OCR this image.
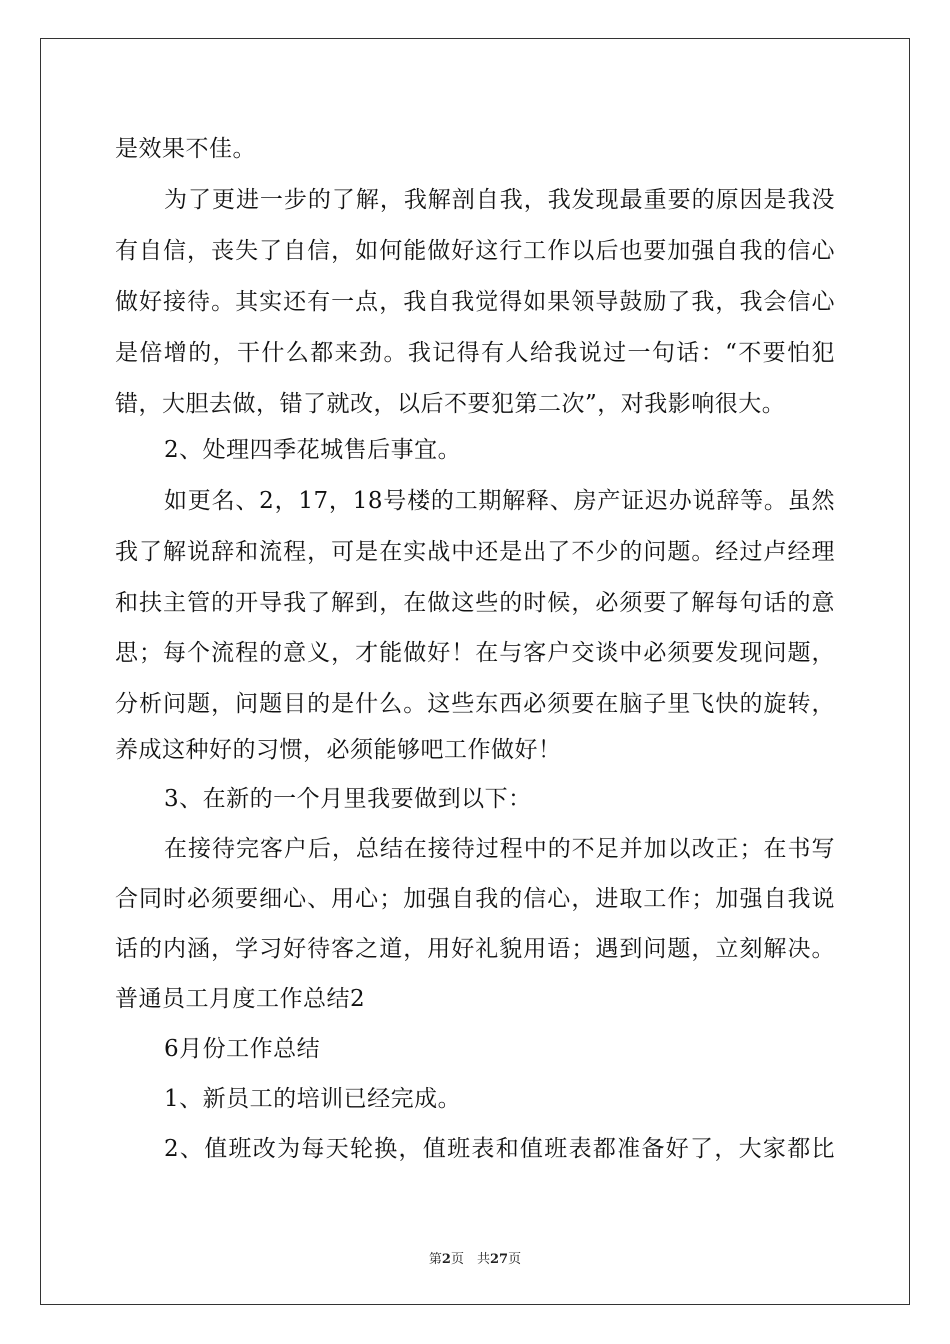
是效果不佳。
为了更进一步的了解，我解剖自我，我发现最重要的原因是我没
有自信，丧失了自信，如何能做好这行工作以后也要加强自我的信心
做好接待。其实还有一点，我自我觉得如果领导鼓励了我，我会信心
是倍增的，干什么都来劲。我记得有人给我说过一句话：“不要怕犯
错，大胆去做，错了就改，以后不要犯第二次”，对我影响很大。
2、处理四季花城售后事宜。
如更名、2，17，18号楼的工期解释、房产证迟办说辞等。虽然
我了解说辞和流程，可是在实战中还是出了不少的问题。经过卢经理
和扶主管的开导我了解到，在做这些的时候，必须要了解每句话的意
思；每个流程的意义，才能做好！在与客户交谈中必须要发现问题，
分析问题，问题目的是什么。这些东西必须要在脑子里飞快的旋转，
养成这种好的习惯，必须能够吧工作做好！
3、在新的一个月里我要做到以下：
在接待完客户后，总结在接待过程中的不足并加以改正；在书写
合同时必须要细心、用心；加强自我的信心，进取工作；加强自我说
话的内涵，学习好待客之道，用好礼貌用语；遇到问题，立刻解决。
普通员工月度工作总结2
6月份工作总结
1、新员工的培训已经完成。
2、值班改为每天轮换，值班表和值班表都准备好了，大家都比
第2页　共27页
